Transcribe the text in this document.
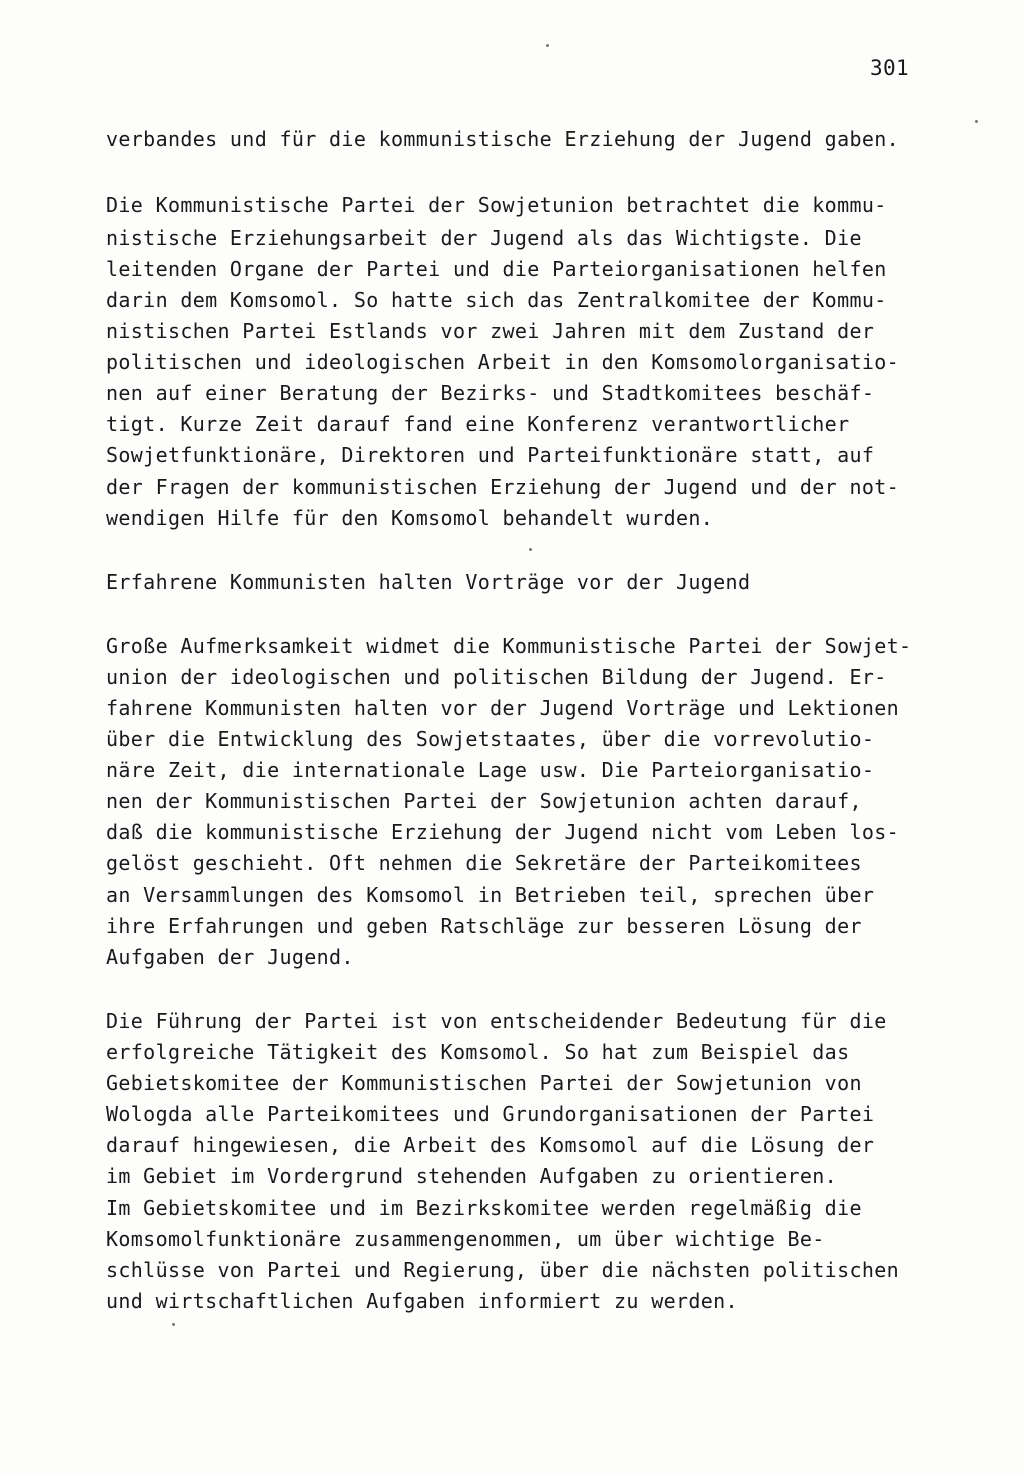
301
verbandes und für die kommunistische Erziehung der Jugend gaben.
Die Kommunistische Partei der Sowjetunion betrachtet die kommu-
nistische Erziehungsarbeit der Jugend als das Wichtigste. Die
leitenden Organe der Partei und die Parteiorganisationen helfen
darin dem Komsomol. So hatte sich das Zentralkomitee der Kommu-
nistischen Partei Estlands vor zwei Jahren mit dem Zustand der
politischen und ideologischen Arbeit in den Komsomolorganisatio-
nen auf einer Beratung der Bezirks- und Stadtkomitees beschäf-
tigt. Kurze Zeit darauf fand eine Konferenz verantwortlicher
Sowjetfunktionäre, Direktoren und Parteifunktionäre statt, auf
der Fragen der kommunistischen Erziehung der Jugend und der not-
wendigen Hilfe für den Komsomol behandelt wurden.
Erfahrene Kommunisten halten Vorträge vor der Jugend
Große Aufmerksamkeit widmet die Kommunistische Partei der Sowjet-
union der ideologischen und politischen Bildung der Jugend. Er-
fahrene Kommunisten halten vor der Jugend Vorträge und Lektionen
über die Entwicklung des Sowjetstaates, über die vorrevolutio-
näre Zeit, die internationale Lage usw. Die Parteiorganisatio-
nen der Kommunistischen Partei der Sowjetunion achten darauf,
daß die kommunistische Erziehung der Jugend nicht vom Leben los-
gelöst geschieht. Oft nehmen die Sekretäre der Parteikomitees
an Versammlungen des Komsomol in Betrieben teil, sprechen über
ihre Erfahrungen und geben Ratschläge zur besseren Lösung der
Aufgaben der Jugend.
Die Führung der Partei ist von entscheidender Bedeutung für die
erfolgreiche Tätigkeit des Komsomol. So hat zum Beispiel das
Gebietskomitee der Kommunistischen Partei der Sowjetunion von
Wologda alle Parteikomitees und Grundorganisationen der Partei
darauf hingewiesen, die Arbeit des Komsomol auf die Lösung der
im Gebiet im Vordergrund stehenden Aufgaben zu orientieren.
Im Gebietskomitee und im Bezirkskomitee werden regelmäßig die
Komsomolfunktionäre zusammengenommen, um über wichtige Be-
schlüsse von Partei und Regierung, über die nächsten politischen
und wirtschaftlichen Aufgaben informiert zu werden.
